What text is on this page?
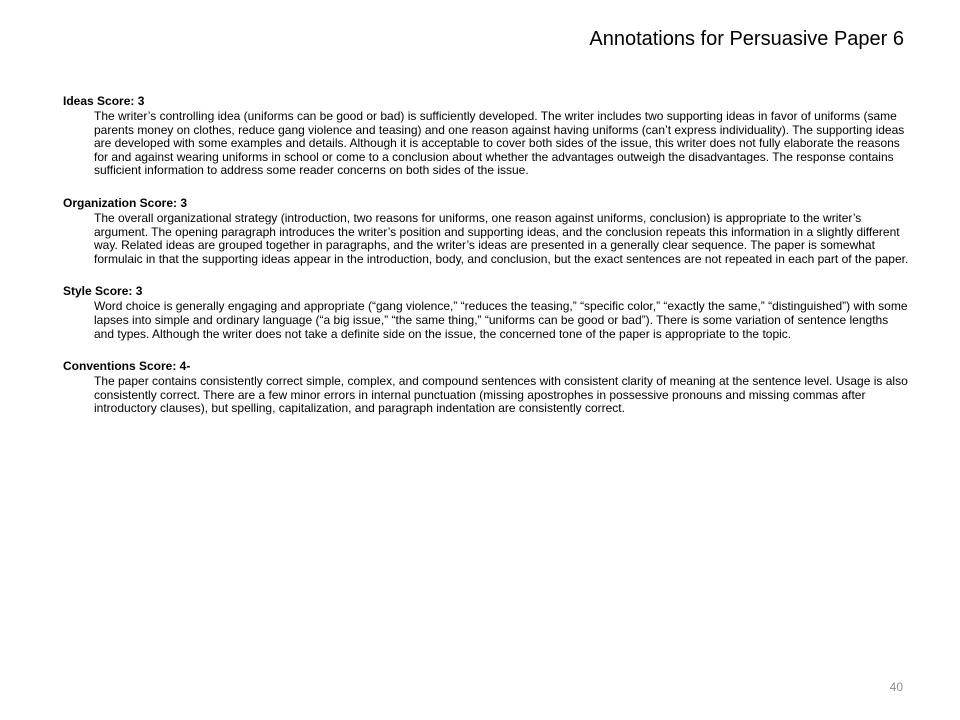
Annotations for Persuasive Paper 6

Ideas Score: 3

The writer’s controlling idea (uniforms can be good or bad) is sufficiently developed. The writer includes two supporting ideas in favor of uniforms (same parents money on clothes, reduce gang violence and teasing) and one reason against having uniforms (can’t express individuality). The supporting ideas are developed with some examples and details. Although it is acceptable to cover both sides of the issue, this writer does not fully elaborate the reasons for and against wearing uniforms in school or come to a conclusion about whether the advantages outweigh the disadvantages. The response contains sufficient information to address some reader concerns on both sides of the issue.

Organization Score: 3

The overall organizational strategy (introduction, two reasons for uniforms, one reason against uniforms, conclusion) is appropriate to the writer’s argument. The opening paragraph introduces the writer’s position and supporting ideas, and the conclusion repeats this information in a slightly different way. Related ideas are grouped together in paragraphs, and the writer’s ideas are presented in a generally clear sequence. The paper is somewhat formulaic in that the supporting ideas appear in the introduction, body, and conclusion, but the exact sentences are not repeated in each part of the paper.

Style Score: 3

Word choice is generally engaging and appropriate (“gang violence,” “reduces the teasing,” “specific color,” “exactly the same,” “distinguished”) with some lapses into simple and ordinary language (“a big issue,” “the same thing,” “uniforms can be good or bad”). There is some variation of sentence lengths and types. Although the writer does not take a definite side on the issue, the concerned tone of the paper is appropriate to the topic.

Conventions Score: 4-

The paper contains consistently correct simple, complex, and compound sentences with consistent clarity of meaning at the sentence level. Usage is also consistently correct. There are a few minor errors in internal punctuation (missing apostrophes in possessive pronouns and missing commas after introductory clauses), but spelling, capitalization, and paragraph indentation are consistently correct.

40
